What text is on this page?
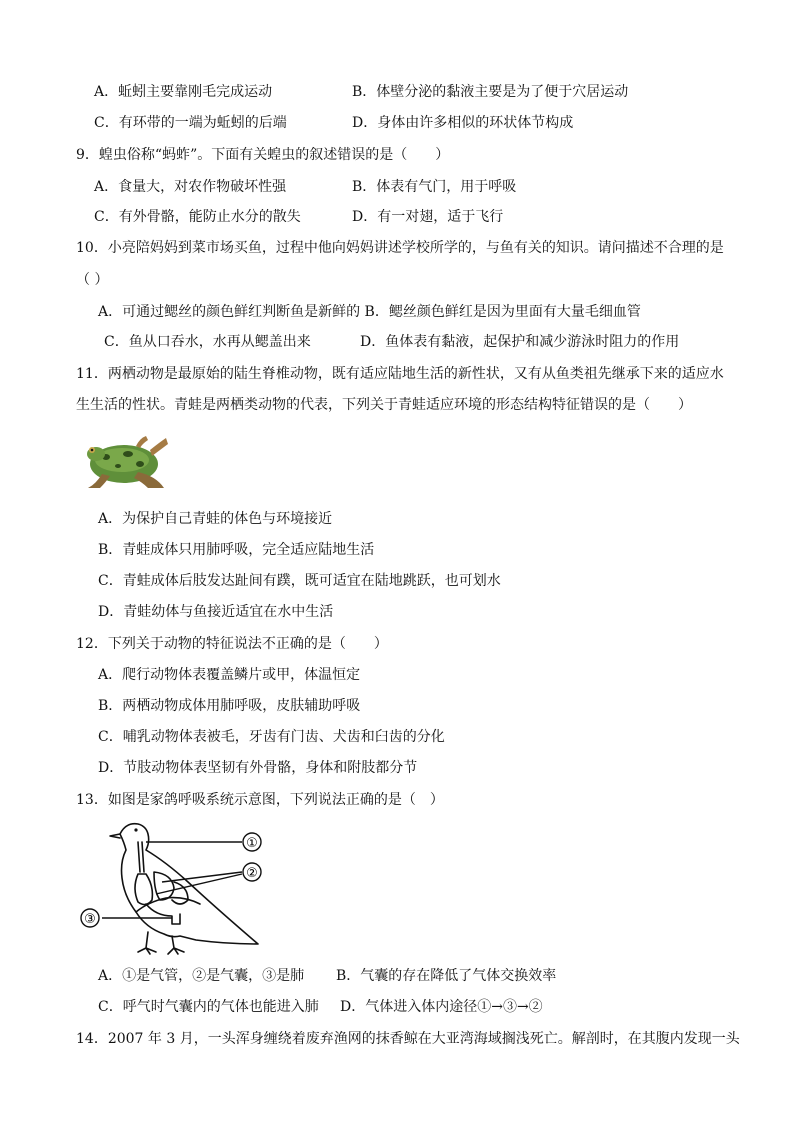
A．蚯蚓主要靠刚毛完成运动	B．体壁分泌的黏液主要是为了便于穴居运动
C．有环带的一端为蚯蚓的后端	D．身体由许多相似的环状体节构成
9．蝗虫俗称“蚂蚱”。下面有关蝗虫的叙述错误的是（　　）
A．食量大，对农作物破坏性强	B．体表有气门，用于呼吸
C．有外骨骼，能防止水分的散失	D．有一对翅，适于飞行
10．小亮陪妈妈到菜市场买鱼，过程中他向妈妈讲述学校所学的，与鱼有关的知识。请问描述不合理的是
（ ）
A．可通过鳃丝的颜色鲜红判断鱼是新鲜的 B．鳃丝颜色鲜红是因为里面有大量毛细血管
C．鱼从口吞水，水再从鳃盖出来	D．鱼体表有黏液，起保护和减少游泳时阻力的作用
11．两栖动物是最原始的陆生脊椎动物，既有适应陆地生活的新性状，又有从鱼类祖先继承下来的适应水
生生活的性状。青蛙是两栖类动物的代表，下列关于青蛙适应环境的形态结构特征错误的是（　　）
A．为保护自己青蛙的体色与环境接近
B．青蛙成体只用肺呼吸，完全适应陆地生活
C．青蛙成体后肢发达趾间有蹼，既可适宜在陆地跳跃，也可划水
D．青蛙幼体与鱼接近适宜在水中生活
12．下列关于动物的特征说法不正确的是（　　）
A．爬行动物体表覆盖鳞片或甲，体温恒定
B．两栖动物成体用肺呼吸，皮肤辅助呼吸
C．哺乳动物体表被毛，牙齿有门齿、犬齿和臼齿的分化
D．节肢动物体表坚韧有外骨骼，身体和附肢都分节
13．如图是家鸽呼吸系统示意图，下列说法正确的是（　）
①
②
③
A．①是气管，②是气囊，③是肺 B．气囊的存在降低了气体交换效率
C．呼气时气囊内的气体也能进入肺 D．气体进入体内途径①→③→②
14．2007 年 3 月，一头浑身缠绕着废弃渔网的抹香鲸在大亚湾海域搁浅死亡。解剖时，在其腹内发现一头
